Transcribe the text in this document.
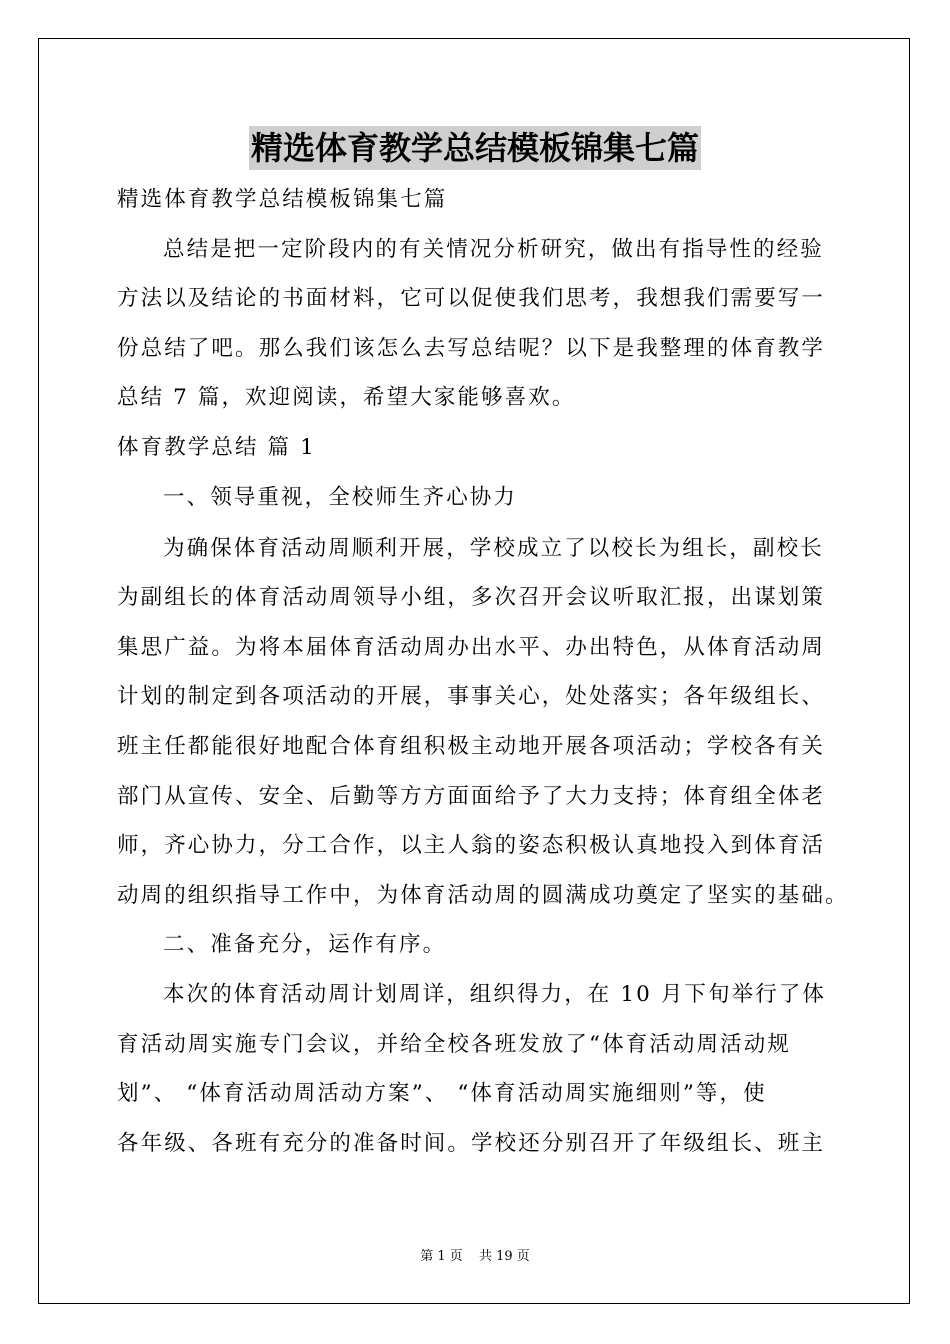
精选体育教学总结模板锦集七篇
精选体育教学总结模板锦集七篇
总结是把一定阶段内的有关情况分析研究，做出有指导性的经验
方法以及结论的书面材料，它可以促使我们思考，我想我们需要写一
份总结了吧。那么我们该怎么去写总结呢？以下是我整理的体育教学
总结 7 篇，欢迎阅读，希望大家能够喜欢。
体育教学总结 篇 1
一、领导重视，全校师生齐心协力
为确保体育活动周顺利开展，学校成立了以校长为组长，副校长
为副组长的体育活动周领导小组，多次召开会议听取汇报，出谋划策
集思广益。为将本届体育活动周办出水平、办出特色，从体育活动周
计划的制定到各项活动的开展，事事关心，处处落实；各年级组长、
班主任都能很好地配合体育组积极主动地开展各项活动；学校各有关
部门从宣传、安全、后勤等方方面面给予了大力支持；体育组全体老
师，齐心协力，分工合作，以主人翁的姿态积极认真地投入到体育活
动周的组织指导工作中，为体育活动周的圆满成功奠定了坚实的基础。
二、准备充分，运作有序。
本次的体育活动周计划周详，组织得力，在 10 月下旬举行了体
育活动周实施专门会议，并给全校各班发放了“体育活动周活动规
划”、 “体育活动周活动方案”、 “体育活动周实施细则”等，使
各年级、各班有充分的准备时间。学校还分别召开了年级组长、班主
第 1 页 共 19 页
